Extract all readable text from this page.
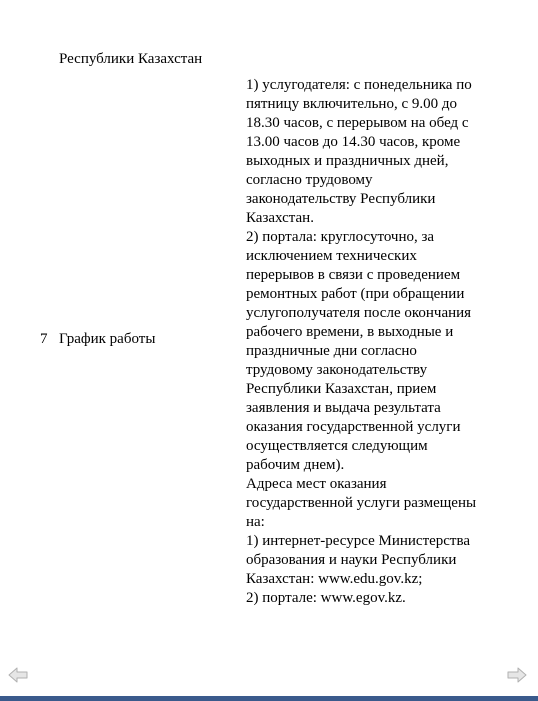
Республики Казахстан
7 График работы
1) услугодателя: с понедельника по
пятницу включительно, с 9.00 до
18.30 часов, с перерывом на обед с
13.00 часов до 14.30 часов, кроме
выходных и праздничных дней,
согласно трудовому
законодательству Республики
Казахстан.
2) портала: круглосуточно, за
исключением технических
перерывов в связи с проведением
ремонтных работ (при обращении
услугополучателя после окончания
рабочего времени, в выходные и
праздничные дни согласно
трудовому законодательству
Республики Казахстан, прием
заявления и выдача результата
оказания государственной услуги
осуществляется следующим
рабочим днем).
Адреса мест оказания
государственной услуги размещены
на:
1) интернет-ресурсе Министерства
образования и науки Республики
Казахстан: www.edu.gov.kz;
2) портале: www.egov.kz.
